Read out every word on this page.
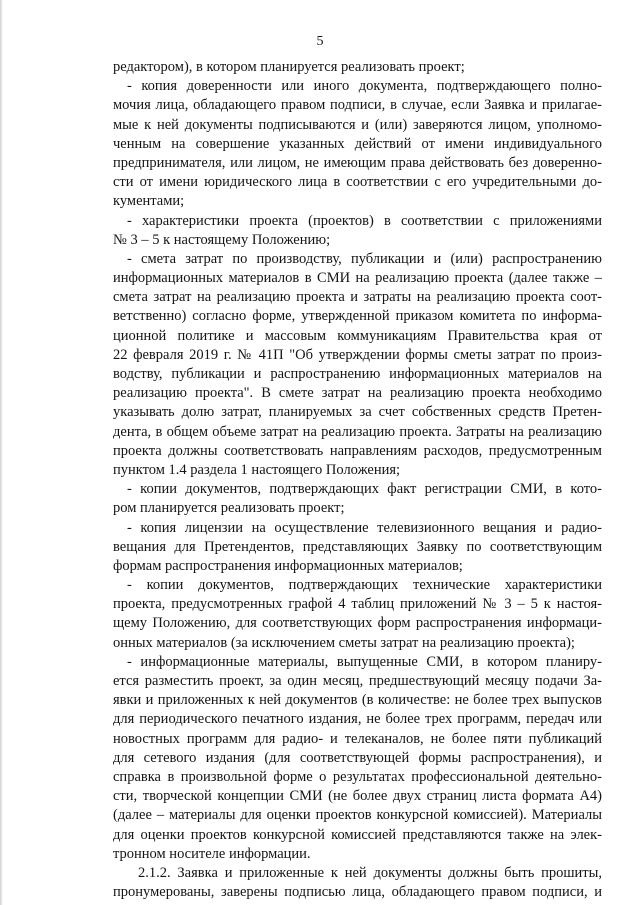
5
редактором), в котором планируется реализовать проект;
- копия доверенности или иного документа, подтверждающего полно-
мочия лица, обладающего правом подписи, в случае, если Заявка и прилагае-
мые к ней документы подписываются и (или) заверяются лицом, уполномо-
ченным на совершение указанных действий от имени индивидуального
предпринимателя, или лицом, не имеющим права действовать без доверенно-
сти от имени юридического лица в соответствии с его учредительными до-
кументами;
- характеристики проекта (проектов) в соответствии с приложениями
№ 3 – 5 к настоящему Положению;
- смета затрат по производству, публикации и (или) распространению
информационных материалов в СМИ на реализацию проекта (далее также –
смета затрат на реализацию проекта и затраты на реализацию проекта соот-
ветственно) согласно форме, утвержденной приказом комитета по информа-
ционной политике и массовым коммуникациям Правительства края от
22 февраля 2019 г. № 41П "Об утверждении формы сметы затрат по произ-
водству, публикации и распространению информационных материалов на
реализацию проекта". В смете затрат на реализацию проекта необходимо
указывать долю затрат, планируемых за счет собственных средств Претен-
дента, в общем объеме затрат на реализацию проекта. Затраты на реализацию
проекта должны соответствовать направлениям расходов, предусмотренным
пунктом 1.4 раздела 1 настоящего Положения;
- копии документов, подтверждающих факт регистрации СМИ, в кото-
ром планируется реализовать проект;
- копия лицензии на осуществление телевизионного вещания и радио-
вещания для Претендентов, представляющих Заявку по соответствующим
формам распространения информационных материалов;
- копии документов, подтверждающих технические характеристики
проекта, предусмотренных графой 4 таблиц приложений № 3 – 5 к настоя-
щему Положению, для соответствующих форм распространения информаци-
онных материалов (за исключением сметы затрат на реализацию проекта);
- информационные материалы, выпущенные СМИ, в котором планиру-
ется разместить проект, за один месяц, предшествующий месяцу подачи За-
явки и приложенных к ней документов (в количестве: не более трех выпусков
для периодического печатного издания, не более трех программ, передач или
новостных программ для радио- и телеканалов, не более пяти публикаций
для сетевого издания (для соответствующей формы распространения), и
справка в произвольной форме о результатах профессиональной деятельно-
сти, творческой концепции СМИ (не более двух страниц листа формата А4)
(далее – материалы для оценки проектов конкурсной комиссией). Материалы
для оценки проектов конкурсной комиссией представляются также на элек-
тронном носителе информации.
2.1.2. Заявка и приложенные к ней документы должны быть прошиты,
пронумерованы, заверены подписью лица, обладающего правом подписи, и
